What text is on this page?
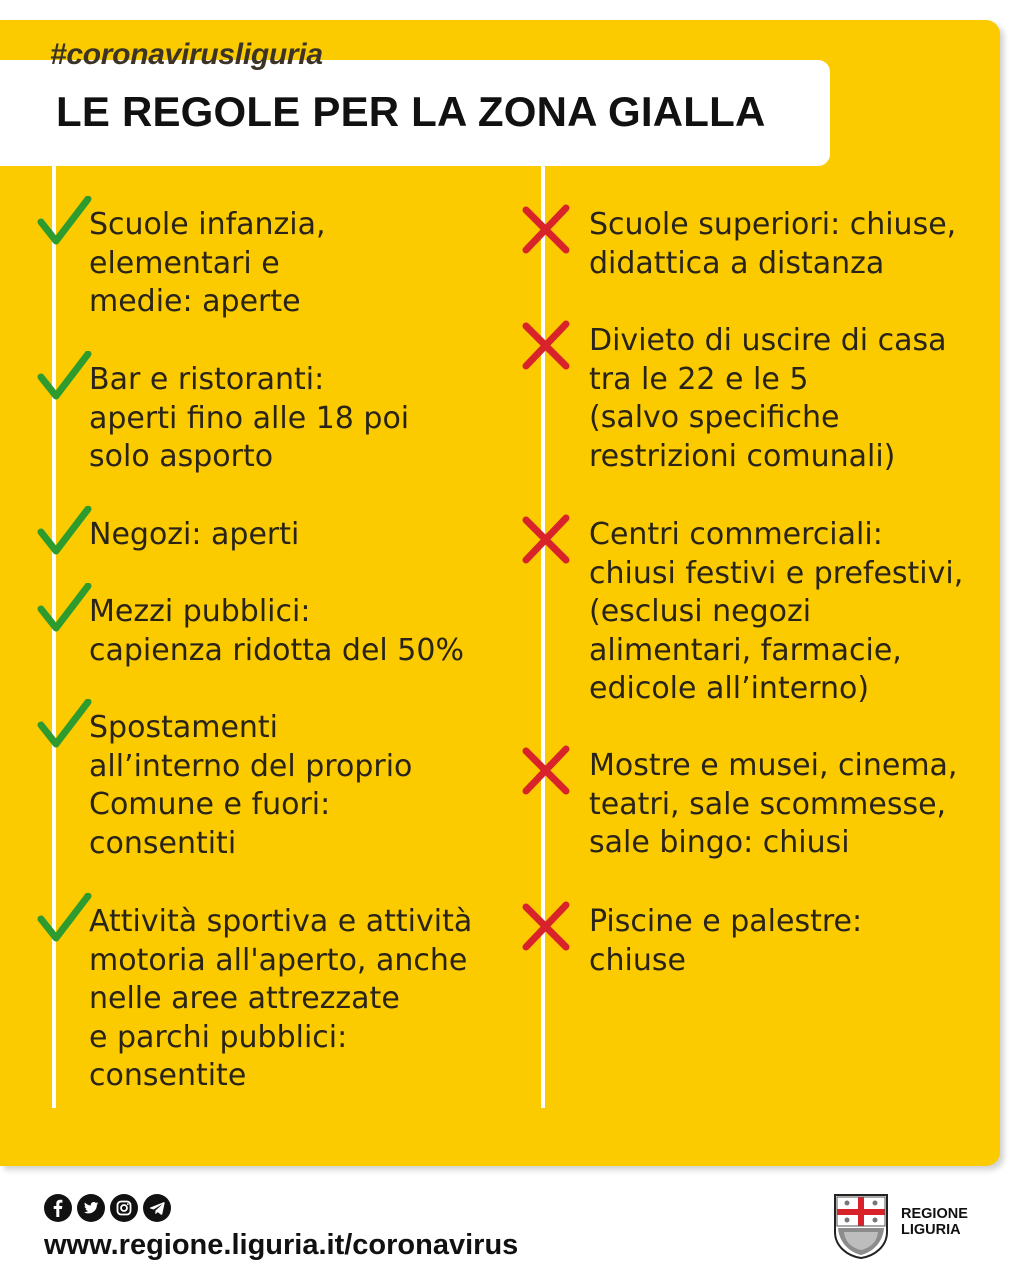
#coronavirusliguria
LE REGOLE PER LA ZONA GIALLA
Scuole infanzia,
elementari e
medie: aperte
Bar e ristoranti:
aperti fino alle 18 poi
solo asporto
Negozi: aperti
Mezzi pubblici:
capienza ridotta del 50%
Spostamenti
all’interno del proprio
Comune e fuori:
consentiti
Attività sportiva e attività
motoria all'aperto, anche
nelle aree attrezzate
e parchi pubblici:
consentite
Scuole superiori: chiuse,
didattica a distanza
Divieto di uscire di casa
tra le 22 e le 5
(salvo specifiche
restrizioni comunali)
Centri commerciali:
chiusi festivi e prefestivi,
(esclusi negozi
alimentari, farmacie,
edicole all’interno)
Mostre e musei, cinema,
teatri, sale scommesse,
sale bingo: chiusi
Piscine e palestre:
chiuse
www.regione.liguria.it/coronavirus
REGIONE
LIGURIA
